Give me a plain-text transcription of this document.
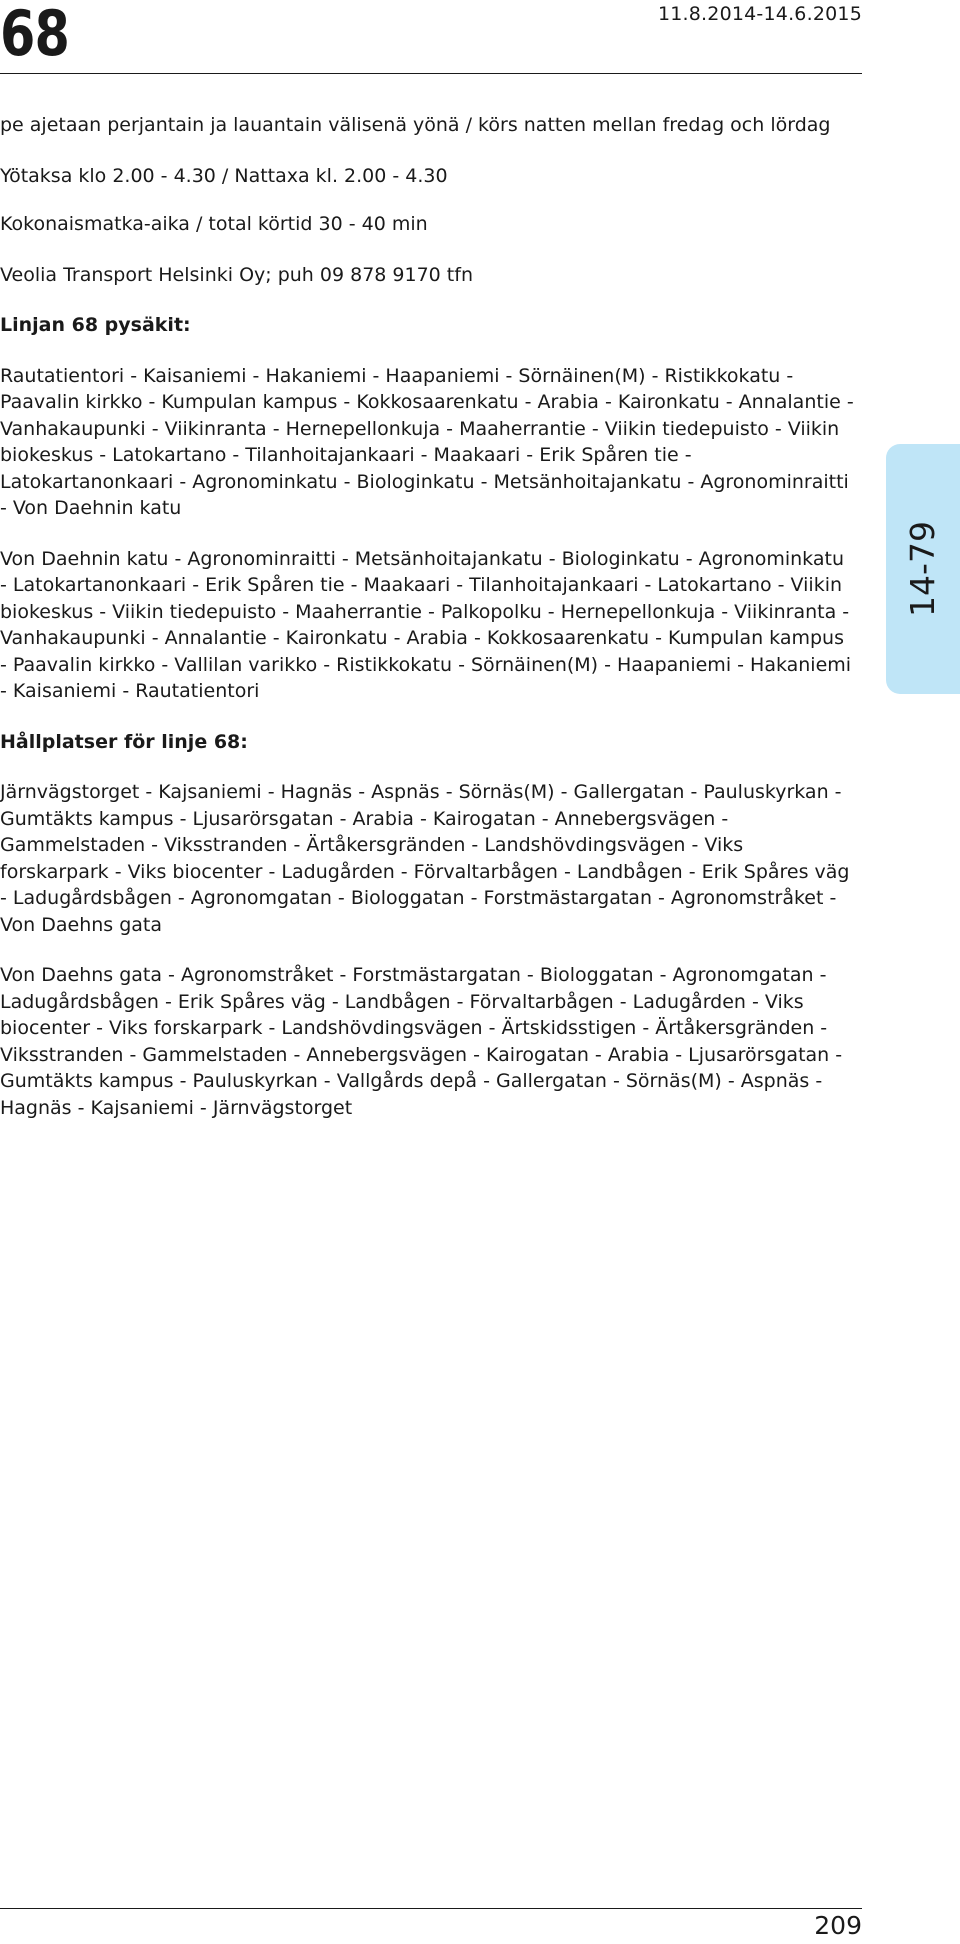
68	11.8.2014-14.6.2015

pe ajetaan perjantain ja lauantain välisenä yönä / körs natten mellan fredag och lördag

Yötaksa klo 2.00 - 4.30 / Nattaxa kl. 2.00 - 4.30

Kokonaismatka-aika / total körtid 30 - 40 min

Veolia Transport Helsinki Oy; puh 09 878 9170 tfn

Linjan 68 pysäkit:

Rautatientori - Kaisaniemi - Hakaniemi - Haapaniemi - Sörnäinen(M) - Ristikkokatu - Paavalin kirkko - Kumpulan kampus - Kokkosaarenkatu - Arabia - Kaironkatu - Annalantie - Vanhakaupunki - Viikinranta - Hernepellonkuja - Maaherrantie - Viikin tiedepuisto - Viikin biokeskus - Latokartano - Tilanhoitajankaari - Maakaari - Erik Spåren tie - Latokartanonkaari - Agronominkatu - Biologinkatu - Metsänhoitajankatu - Agronominraitti - Von Daehnin katu

Von Daehnin katu - Agronominraitti - Metsänhoitajankatu - Biologinkatu - Agronominkatu - Latokartanonkaari - Erik Spåren tie - Maakaari - Tilanhoitajankaari - Latokartano - Viikin biokeskus - Viikin tiedepuisto - Maaherrantie - Palkopolku - Hernepellonkuja - Viikinranta - Vanhakaupunki - Annalantie - Kaironkatu - Arabia - Kokkosaarenkatu - Kumpulan kampus - Paavalin kirkko - Vallilan varikko - Ristikkokatu - Sörnäinen(M) - Haapaniemi - Hakaniemi - Kaisaniemi - Rautatientori

Hållplatser för linje 68:

Järnvägstorget - Kajsaniemi - Hagnäs - Aspnäs - Sörnäs(M) - Gallergatan - Pauluskyrkan - Gumtäkts kampus - Ljusarörsgatan - Arabia - Kairogatan - Annebergsvägen - Gammelstaden - Viksstranden - Ärtåkersgränden - Landshövdingsvägen - Viks forskarpark - Viks biocenter - Ladugården - Förvaltarbågen - Landbågen - Erik Spåres väg - Ladugårdsbågen - Agronomgatan - Biologgatan - Forstmästargatan - Agronomstråket - Von Daehns gata

Von Daehns gata - Agronomstråket - Forstmästargatan - Biologgatan - Agronomgatan - Ladugårdsbågen - Erik Spåres väg - Landbågen - Förvaltarbågen - Ladugården - Viks biocenter - Viks forskarpark - Landshövdingsvägen - Ärtskidsstigen - Ärtåkersgränden - Viksstranden - Gammelstaden - Annebergsvägen - Kairogatan - Arabia - Ljusarörsgatan - Gumtäkts kampus - Pauluskyrkan - Vallgårds depå - Gallergatan - Sörnäs(M) - Aspnäs - Hagnäs - Kajsaniemi - Järnvägstorget

14-79
209
